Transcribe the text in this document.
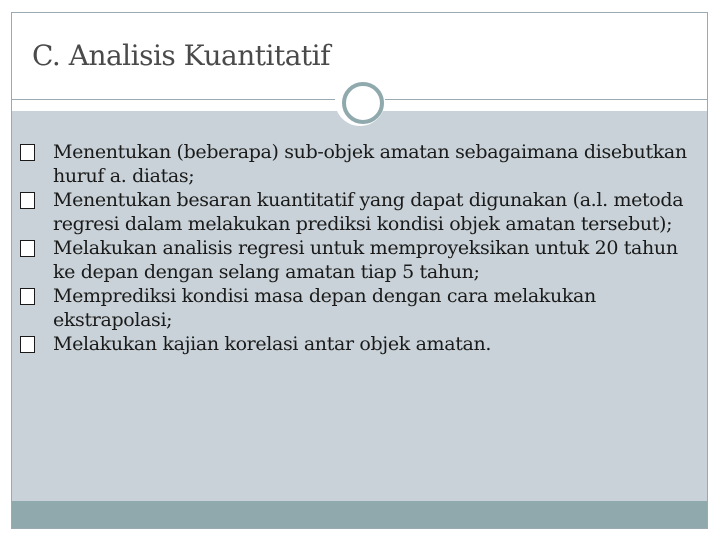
C. Analisis Kuantitatif
Menentukan (beberapa) sub-objek amatan sebagaimana disebutkan huruf a. diatas;
Menentukan besaran kuantitatif yang dapat digunakan (a.l. metoda regresi dalam melakukan prediksi kondisi objek amatan tersebut);
Melakukan analisis regresi untuk memproyeksikan untuk 20 tahun ke depan dengan selang amatan tiap 5 tahun;
Memprediksi kondisi masa depan dengan cara melakukan ekstrapolasi;
Melakukan kajian korelasi antar objek amatan.
